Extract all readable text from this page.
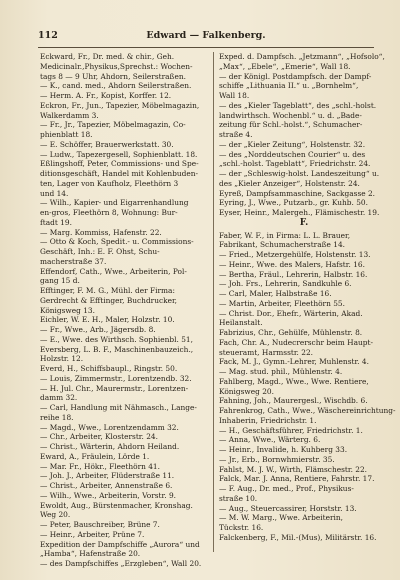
112	Edward — Falkenberg.
Eckward, Fr., Dr. med. & chir., Geh.
Medicinalr.,Physikus,Sprechst.: Wochen-
tags 8 — 9 Uhr, Ahdorn, Seilerstraßen.
— K., cand. med., Ahdorn Seilerstraßen.
— Herm. A. Fr., Kopist, Korffer. 12.
Eckron, Fr., Jun., Tapezier, Möbelmagazin,
Walkerdamm 3.
— Fr., Jr., Tapezier, Möbelmagazin, Co-
phienblatt 18.
— E. Schöffer, Brauerwerkstatt. 30.
— Ludw., Tapezergesell, Sophienblatt. 18.
Eßlingshoff, Peter, Commissions- und Spe-
ditionsgeschäft, Handel mit Kohlenbuden-
ten, Lager von Kaufholz, Fleethörn 3
und 14.
— Wilh., Kapier- und Eigarrenhandlung
en-gros, Fleethörn 8, Wohnung: Bur-
ftadt 19.
— Marg. Kommiss, Hafenstr. 22.
— Otto & Koch, Spedit.- u. Commissions-
Geschäft, Inh.: E. F. Ohst, Schu-
macherstraße 37.
Effendorf, Cath., Wwe., Arbeiterin, Pol-
gang 15 d.
Efftinger, F. M. G., Mühl. der Firma:
Gerdrecht & Efftinger, Buchdrucker,
Königsweg 13.
Eichler, W. E. H., Maler, Holzstr. 10.
— Fr., Wwe., Arb., Jägersdb. 8.
— E., Wwe. des Wirthsch. Sophienbl. 51,
Eversberg, L. B. F., Maschinenbauzeich.,
Holzstr. 12.
Everd, H., Schiffsbaupl., Ringstr. 50.
— Louis, Zimmermstr., Lorentzendb. 32.
— H. Jul. Chr., Maurermstr., Lorentzen-
damm 32.
— Carl, Handlung mit Nähmasch., Lange-
reihe 18.
— Magd., Wwe., Lorentzendamm 32.
— Chr., Arbeiter, Klosterstr. 24.
— Christ., Wärterin, Ahdorn Heiland.
Eward, A., Fräulein, Lörde 1.
— Mar. Fr., Hökr., Fleethörn 41.
— Joh. J., Arbeiter, Flüderstraße 11.
— Christ., Arbeiter, Annenstraße 6.
— Wilh., Wwe., Arbeiterin, Vorstr. 9.
Ewoldt, Aug., Bürstenmacher, Kronshag.
Weg 20.
— Peter, Bauschreiber, Brüne 7.
— Heinr., Arbeiter, Prüne 7.
Expedition der Dampfschiffe „Aurora“ und
„Hamba“, Hafenstraße 20.
— des Dampfschiffes „Erzgleben“, Wall 20.
Exped. d. Dampfsch. „Jetzmann“, „Hofsolo“,
„Max“, „Ebele“, „Emerie“, Wall 18.
— der Königl. Postdampfsch. der Dampf-
schiffe „Lithuania II.“ u. „Bornhelm“,
Wall 18.
— des „Kieler Tageblatt“, des „schl.-holst.
landwirthsch. Wochenbl.“ u. d. „Bade-
zeitung für Schl.-holst.“, Schumacher-
straße 4.
— der „Kieler Zeitung“, Holstenstr. 32.
— des „Norddeutschen Courier“ u. des
„schl.-holst. Tageblatt“, Friedrichstr. 24.
— der „Schleswig-holst. Landeszeitung“ u.
des „Kieler Anzeiger“, Holstenstr. 24.
Eyreß, Dampfsammaschine, Sackgasse 2.
Eyring, J., Wwe., Putzarb., gr. Kuhb. 50.
Eyser, Heinr., Malergeh., Flämischestr. 19.
F.
Faber, W. F., in Firma: L. L. Brauer,
Fabrikant, Schumacherstraße 14.
— Fried., Metzergehülfe, Holstenstr. 13.
— Heinr., Wwe. des Malers, Hafstr. 16.
— Bertha, Fräul., Lehrerin, Halbstr. 16.
— Joh. Frs., Lehrerin, Sandkuhle 6.
— Carl, Maler, Halbstraße 16.
— Martin, Arbeiter, Fleethörn 55.
— Christ. Dor., Ehefr., Wärterin, Akad.
Heilanstalt.
Fabrizius, Chr., Gehülfe, Mühlenstr. 8.
Fach, Chr. A., Nudecrerschr beim Haupt-
steueramt, Harmsstr. 22.
Fack, M. J., Gymn.-Lehrer, Muhlenstr. 4.
— Mag. stud. phil., Mühlenstr. 4.
Fahlberg, Magd., Wwe., Wwe. Rentiere,
Königsweg 20.
Fahning, Joh., Maurergesl., Wischdb. 6.
Fahrenkrog, Cath., Wwe., Wäschereinrichtung-
Inhaberin, Friedrichstr. 1.
— H., Geschäftsführer, Friedrichstr. 1.
— Anna, Wwe., Wärterg. 6.
— Heinr., Invalide, h. Kuhberg 33.
— Jr., Erb., Bornwhmierstr. 35.
Fahlst, M. J. W., Wirth, Flämschestr. 22.
Falck, Mar. J. Anna, Rentiere, Fahrstr. 17.
— F. Aug., Dr. med., Prof., Physikus-
straße 10.
— Aug., Steuercassirer, Horststr. 13.
— M. W. Marg., Wwe. Arbeiterin,
Tückstr. 16.
Falckenberg, F., Mil.-(Mus), Militärstr. 16.
